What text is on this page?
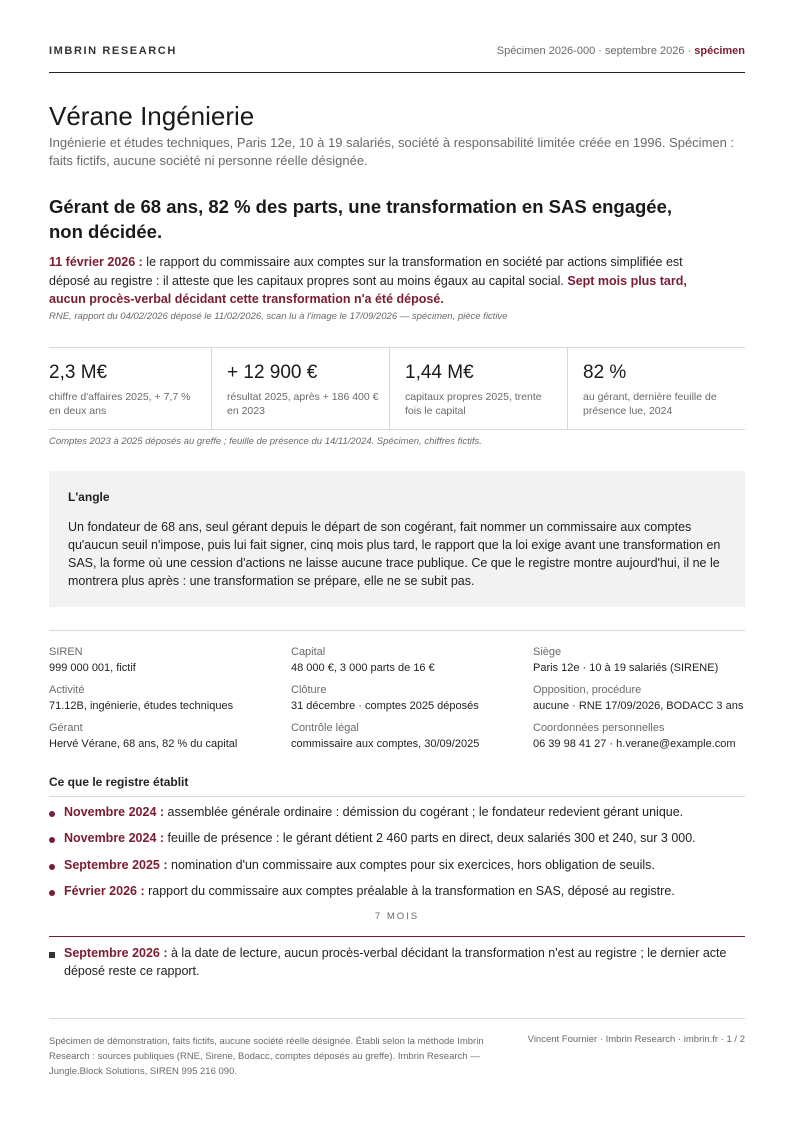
IMBRIN RESEARCH	Spécimen 2026-000 · septembre 2026 · spécimen
Vérane Ingénierie

Ingénierie et études techniques, Paris 12e, 10 à 19 salariés, société à responsabilité limitée créée en 1996. Spécimen : faits fictifs, aucune société ni personne réelle désignée.

Gérant de 68 ans, 82 % des parts, une transformation en SAS engagée, non décidée.

11 février 2026 : le rapport du commissaire aux comptes sur la transformation en société par actions simplifiée est déposé au registre : il atteste que les capitaux propres sont au moins égaux au capital social. Sept mois plus tard, aucun procès-verbal décidant cette transformation n'a été déposé.

RNE, rapport du 04/02/2026 déposé le 11/02/2026, scan lu à l'image le 17/09/2026 — spécimen, pièce fictive

2,3 M€
chiffre d'affaires 2025, + 7,7 % en deux ans
+ 12 900 €
résultat 2025, après + 186 400 € en 2023
1,44 M€
capitaux propres 2025, trente fois le capital
82 %
au gérant, dernière feuille de présence lue, 2024

Comptes 2023 à 2025 déposés au greffe ; feuille de présence du 14/11/2024. Spécimen, chiffres fictifs.

L'angle

Un fondateur de 68 ans, seul gérant depuis le départ de son cogérant, fait nommer un commissaire aux comptes qu'aucun seuil n'impose, puis lui fait signer, cinq mois plus tard, le rapport que la loi exige avant une transformation en SAS, la forme où une cession d'actions ne laisse aucune trace publique. Ce que le registre montre aujourd'hui, il ne le montrera plus après : une transformation se prépare, elle ne se subit pas.

SIREN
999 000 001, fictif
Capital
48 000 €, 3 000 parts de 16 €
Siège
Paris 12e · 10 à 19 salariés (SIRENE)
Activité
71.12B, ingénierie, études techniques
Clôture
31 décembre · comptes 2025 déposés
Opposition, procédure
aucune · RNE 17/09/2026, BODACC 3 ans
Gérant
Hervé Vérane, 68 ans, 82 % du capital
Contrôle légal
commissaire aux comptes, 30/09/2025
Coordonnées personnelles
06 39 98 41 27 · h.verane@example.com
Ce que le registre établit
Novembre 2024 : assemblée générale ordinaire : démission du cogérant ; le fondateur redevient gérant unique.
Novembre 2024 : feuille de présence : le gérant détient 2 460 parts en direct, deux salariés 300 et 240, sur 3 000.
Septembre 2025 : nomination d'un commissaire aux comptes pour six exercices, hors obligation de seuils.
Février 2026 : rapport du commissaire aux comptes préalable à la transformation en SAS, déposé au registre.
7 MOIS
Septembre 2026 : à la date de lecture, aucun procès-verbal décidant la transformation n'est au registre ; le dernier acte déposé reste ce rapport.

Spécimen de démonstration, faits fictifs, aucune société réelle désignée. Établi selon la méthode Imbrin Research : sources publiques (RNE, Sirene, Bodacc, comptes déposés au greffe). Imbrin Research — Jungle.Block Solutions, SIREN 995 216 090.

Vincent Fournier · Imbrin Research · imbrin.fr · 1 / 2
